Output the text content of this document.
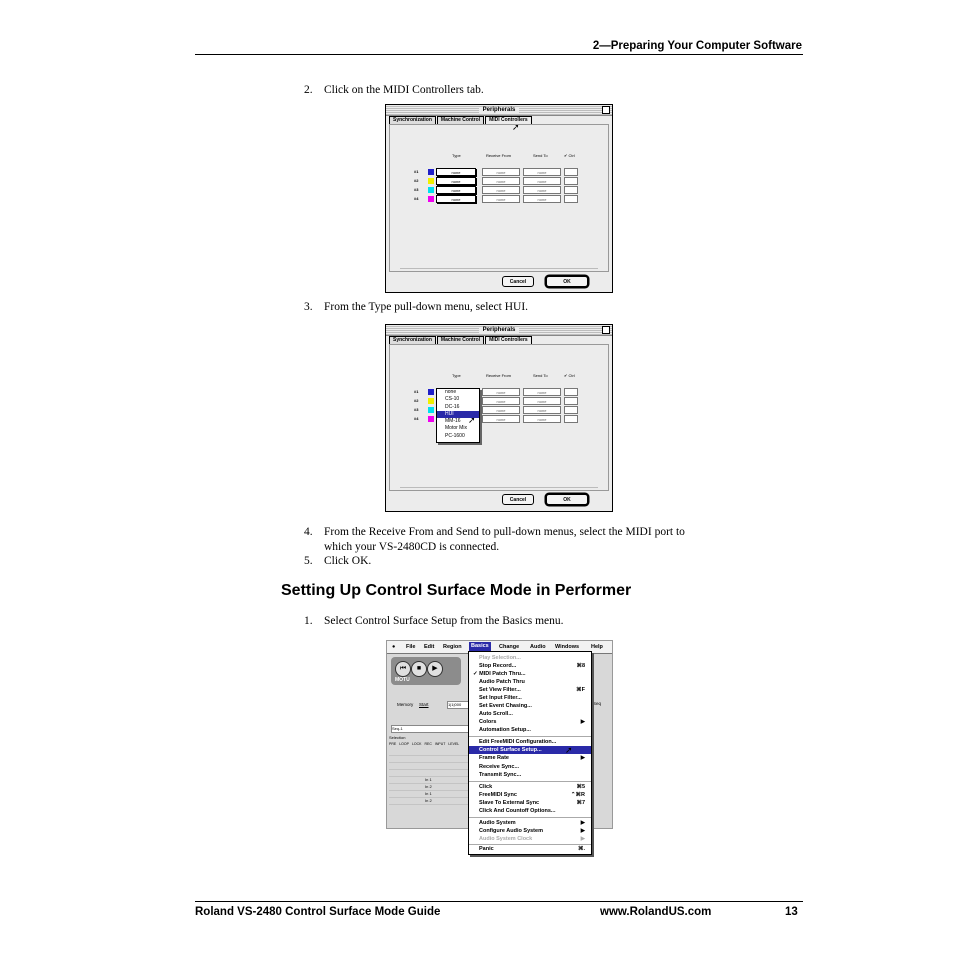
2—Preparing Your Computer Software
2. Click on the MIDI Controllers tab.
Peripherals
Synchronization	Machine Control	MIDI Controllers
➚
Type	Receive From	Send To	✔ Ctrl
#1	none	none	none
#2	none	none	none
#3	none	none	none
#4	none	none	none
Cancel	OK
3. From the Type pull-down menu, select HUI.
Peripherals
Synchronization	Machine Control	MIDI Controllers
Type	Receive From	Send To	✔ Ctrl
#1	none	none
#2	none	none
#3	none	none
#4	none	none
none
CS-10
DC-16
HUI
MM-16
Motor Mix
PC-1600
➚
Cancel	OK
4. From the Receive From and Send to pull-down menus, select the MIDI port to
which your VS-2480CD is connected.
5. Click OK.
Setting Up Control Surface Mode in Performer
1. Select Control Surface Setup from the Basics menu.
● File Edit Region	Basics	Change Audio Windows Help
⏮	■	▶
MOTU
Memory Start	1|1|000
Seq-1
Selection
PRE LOOP LOCK REC INPUT LEVEL
In 1
In 2
In 1
In 2
Seq
Play Selection...
Stop Record...	⌘8
✓ MIDI Patch Thru...
Audio Patch Thru
Set View Filter...	⌘F
Set Input Filter...
Set Event Chasing...
Auto Scroll...
Colors	▶
Automation Setup...
Edit FreeMIDI Configuration...
Control Surface Setup...
Frame Rate	▶
Receive Sync...
Transmit Sync...
Click	⌘5
FreeMIDI Sync	⌃⌘R
Slave To External Sync	⌘7
Click And Countoff Options...
Audio System	▶
Configure Audio System	▶
Audio System Clock	▶
Panic	⌘.
➚
Roland VS-2480 Control Surface Mode Guide	www.RolandUS.com	13
